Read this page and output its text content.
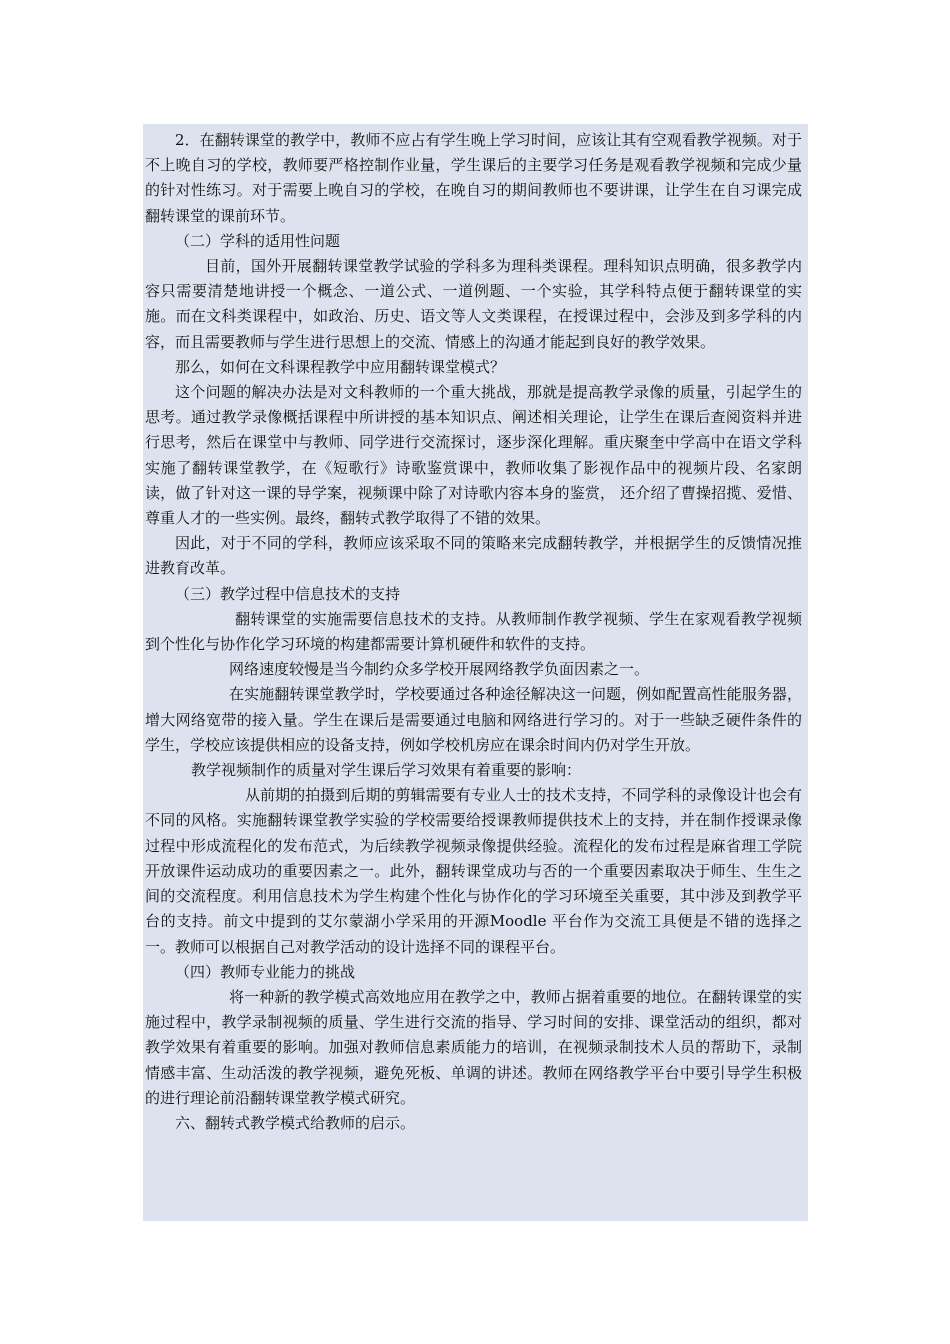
2．在翻转课堂的教学中，教师不应占有学生晚上学习时间，应该让其有空观看教学视频。对于不上晚自习的学校，教师要严格控制作业量，学生课后的主要学习任务是观看教学视频和完成少量的针对性练习。对于需要上晚自习的学校，在晚自习的期间教师也不要讲课，让学生在自习课完成翻转课堂的课前环节。

（二）学科的适用性问题

目前，国外开展翻转课堂教学试验的学科多为理科类课程。理科知识点明确，很多教学内容只需要清楚地讲授一个概念、一道公式、一道例题、一个实验，其学科特点便于翻转课堂的实施。而在文科类课程中，如政治、历史、语文等人文类课程，在授课过程中，会涉及到多学科的内容，而且需要教师与学生进行思想上的交流、情感上的沟通才能起到良好的教学效果。

那么，如何在文科课程教学中应用翻转课堂模式？

这个问题的解决办法是对文科教师的一个重大挑战，那就是提高教学录像的质量，引起学生的思考。通过教学录像概括课程中所讲授的基本知识点、阐述相关理论，让学生在课后查阅资料并进行思考，然后在课堂中与教师、同学进行交流探讨，逐步深化理解。重庆聚奎中学高中在语文学科实施了翻转课堂教学，在《短歌行》诗歌鉴赏课中，教师收集了影视作品中的视频片段、名家朗读，做了针对这一课的导学案，视频课中除了对诗歌内容本身的鉴赏， 还介绍了曹操招揽、爱惜、尊重人才的一些实例。最终，翻转式教学取得了不错的效果。

因此，对于不同的学科，教师应该采取不同的策略来完成翻转教学，并根据学生的反馈情况推进教育改革。

（三）教学过程中信息技术的支持

翻转课堂的实施需要信息技术的支持。从教师制作教学视频、学生在家观看教学视频到个性化与协作化学习环境的构建都需要计算机硬件和软件的支持。

网络速度较慢是当今制约众多学校开展网络教学负面因素之一。

在实施翻转课堂教学时，学校要通过各种途径解决这一问题，例如配置高性能服务器，增大网络宽带的接入量。学生在课后是需要通过电脑和网络进行学习的。对于一些缺乏硬件条件的学生，学校应该提供相应的设备支持，例如学校机房应在课余时间内仍对学生开放。

教学视频制作的质量对学生课后学习效果有着重要的影响：

从前期的拍摄到后期的剪辑需要有专业人士的技术支持，不同学科的录像设计也会有不同的风格。实施翻转课堂教学实验的学校需要给授课教师提供技术上的支持，并在制作授课录像过程中形成流程化的发布范式，为后续教学视频录像提供经验。流程化的发布过程是麻省理工学院开放课件运动成功的重要因素之一。此外，翻转课堂成功与否的一个重要因素取决于师生、生生之间的交流程度。利用信息技术为学生构建个性化与协作化的学习环境至关重要，其中涉及到教学平台的支持。前文中提到的艾尔蒙湖小学采用的开源Moodle 平台作为交流工具便是不错的选择之一。教师可以根据自己对教学活动的设计选择不同的课程平台。

（四）教师专业能力的挑战

将一种新的教学模式高效地应用在教学之中，教师占据着重要的地位。在翻转课堂的实施过程中，教学录制视频的质量、学生进行交流的指导、学习时间的安排、课堂活动的组织，都对教学效果有着重要的影响。加强对教师信息素质能力的培训，在视频录制技术人员的帮助下，录制情感丰富、生动活泼的教学视频，避免死板、单调的讲述。教师在网络教学平台中要引导学生积极的进行理论前沿翻转课堂教学模式研究。

六、翻转式教学模式给教师的启示。
